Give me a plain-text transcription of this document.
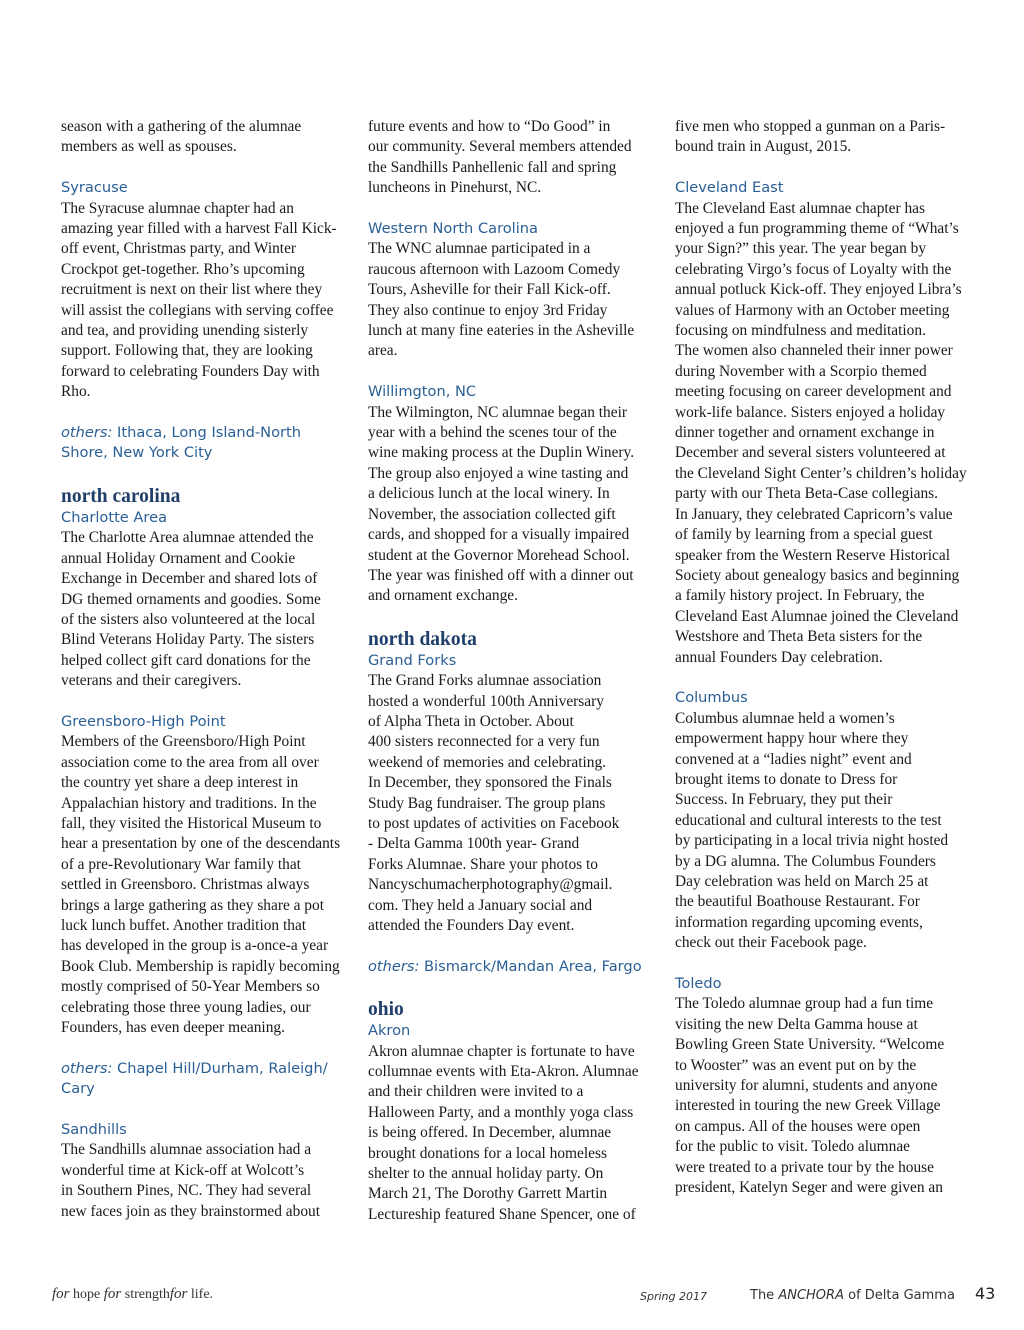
season with a gathering of the alumnae

members as well as spouses.

Syracuse

The Syracuse alumnae chapter had an

amazing year filled with a harvest Fall Kick-

off event, Christmas party, and Winter

Crockpot get-together. Rho’s upcoming

recruitment is next on their list where they

will assist the collegians with serving coffee

and tea, and providing unending sisterly

support. Following that, they are looking

forward to celebrating Founders Day with

Rho.

others: Ithaca, Long Island-North

Shore, New York City

north carolina

Charlotte Area

The Charlotte Area alumnae attended the

annual Holiday Ornament and Cookie

Exchange in December and shared lots of

DG themed ornaments and goodies. Some

of the sisters also volunteered at the local

Blind Veterans Holiday Party. The sisters

helped collect gift card donations for the

veterans and their caregivers.

Greensboro-High Point

Members of the Greensboro/High Point

association come to the area from all over

the country yet share a deep interest in

Appalachian history and traditions. In the

fall, they visited the Historical Museum to

hear a presentation by one of the descendants

of a pre-Revolutionary War family that

settled in Greensboro. Christmas always

brings a large gathering as they share a pot

luck lunch buffet. Another tradition that

has developed in the group is a-once-a year

Book Club. Membership is rapidly becoming

mostly comprised of 50-Year Members so

celebrating those three young ladies, our

Founders, has even deeper meaning.

others: Chapel Hill/Durham, Raleigh/

Cary

Sandhills

The Sandhills alumnae association had a

wonderful time at Kick-off at Wolcott’s

in Southern Pines, NC. They had several

new faces join as they brainstormed about

future events and how to “Do Good” in

our community. Several members attended

the Sandhills Panhellenic fall and spring

luncheons in Pinehurst, NC.

Western North Carolina

The WNC alumnae participated in a

raucous afternoon with Lazoom Comedy

Tours, Asheville for their Fall Kick-off.

They also continue to enjoy 3rd Friday

lunch at many fine eateries in the Asheville

area.

Willimgton, NC

The Wilmington, NC alumnae began their

year with a behind the scenes tour of the

wine making process at the Duplin Winery.

The group also enjoyed a wine tasting and

a delicious lunch at the local winery. In

November, the association collected gift

cards, and shopped for a visually impaired

student at the Governor Morehead School.

The year was finished off with a dinner out

and ornament exchange.

north dakota

Grand Forks

The Grand Forks alumnae association

hosted a wonderful 100th Anniversary

of Alpha Theta in October. About

400 sisters reconnected for a very fun

weekend of memories and celebrating.

In December, they sponsored the Finals

Study Bag fundraiser. The group plans

to post updates of activities on Facebook

- Delta Gamma 100th year- Grand

Forks Alumnae. Share your photos to

Nancyschumacherphotography@gmail.

com. They held a January social and

attended the Founders Day event.

others: Bismarck/Mandan Area, Fargo

ohio

Akron

Akron alumnae chapter is fortunate to have

collumnae events with Eta-Akron. Alumnae

and their children were invited to a

Halloween Party, and a monthly yoga class

is being offered. In December, alumnae

brought donations for a local homeless

shelter to the annual holiday party. On

March 21, The Dorothy Garrett Martin

Lectureship featured Shane Spencer, one of

five men who stopped a gunman on a Paris-

bound train in August, 2015.

Cleveland East

The Cleveland East alumnae chapter has

enjoyed a fun programming theme of “What’s

your Sign?” this year. The year began by

celebrating Virgo’s focus of Loyalty with the

annual potluck Kick-off. They enjoyed Libra’s

values of Harmony with an October meeting

focusing on mindfulness and meditation.

The women also channeled their inner power

during November with a Scorpio themed

meeting focusing on career development and

work-life balance. Sisters enjoyed a holiday

dinner together and ornament exchange in

December and several sisters volunteered at

the Cleveland Sight Center’s children’s holiday

party with our Theta Beta-Case collegians.

In January, they celebrated Capricorn’s value

of family by learning from a special guest

speaker from the Western Reserve Historical

Society about genealogy basics and beginning

a family history project. In February, the

Cleveland East Alumnae joined the Cleveland

Westshore and Theta Beta sisters for the

annual Founders Day celebration.

Columbus

Columbus alumnae held a women’s

empowerment happy hour where they

convened at a “ladies night” event and

brought items to donate to Dress for

Success. In February, they put their

educational and cultural interests to the test

by participating in a local trivia night hosted

by a DG alumna. The Columbus Founders

Day celebration was held on March 25 at

the beautiful Boathouse Restaurant. For

information regarding upcoming events,

check out their Facebook page.

Toledo

The Toledo alumnae group had a fun time

visiting the new Delta Gamma house at

Bowling Green State University. “Welcome

to Wooster” was an event put on by the

university for alumni, students and anyone

interested in touring the new Greek Village

on campus. All of the houses were open

for the public to visit. Toledo alumnae

were treated to a private tour by the house

president, Katelyn Seger and were given an

for hope for strengthfor life.	Spring 2017	The ANCHORA of Delta Gamma 43
